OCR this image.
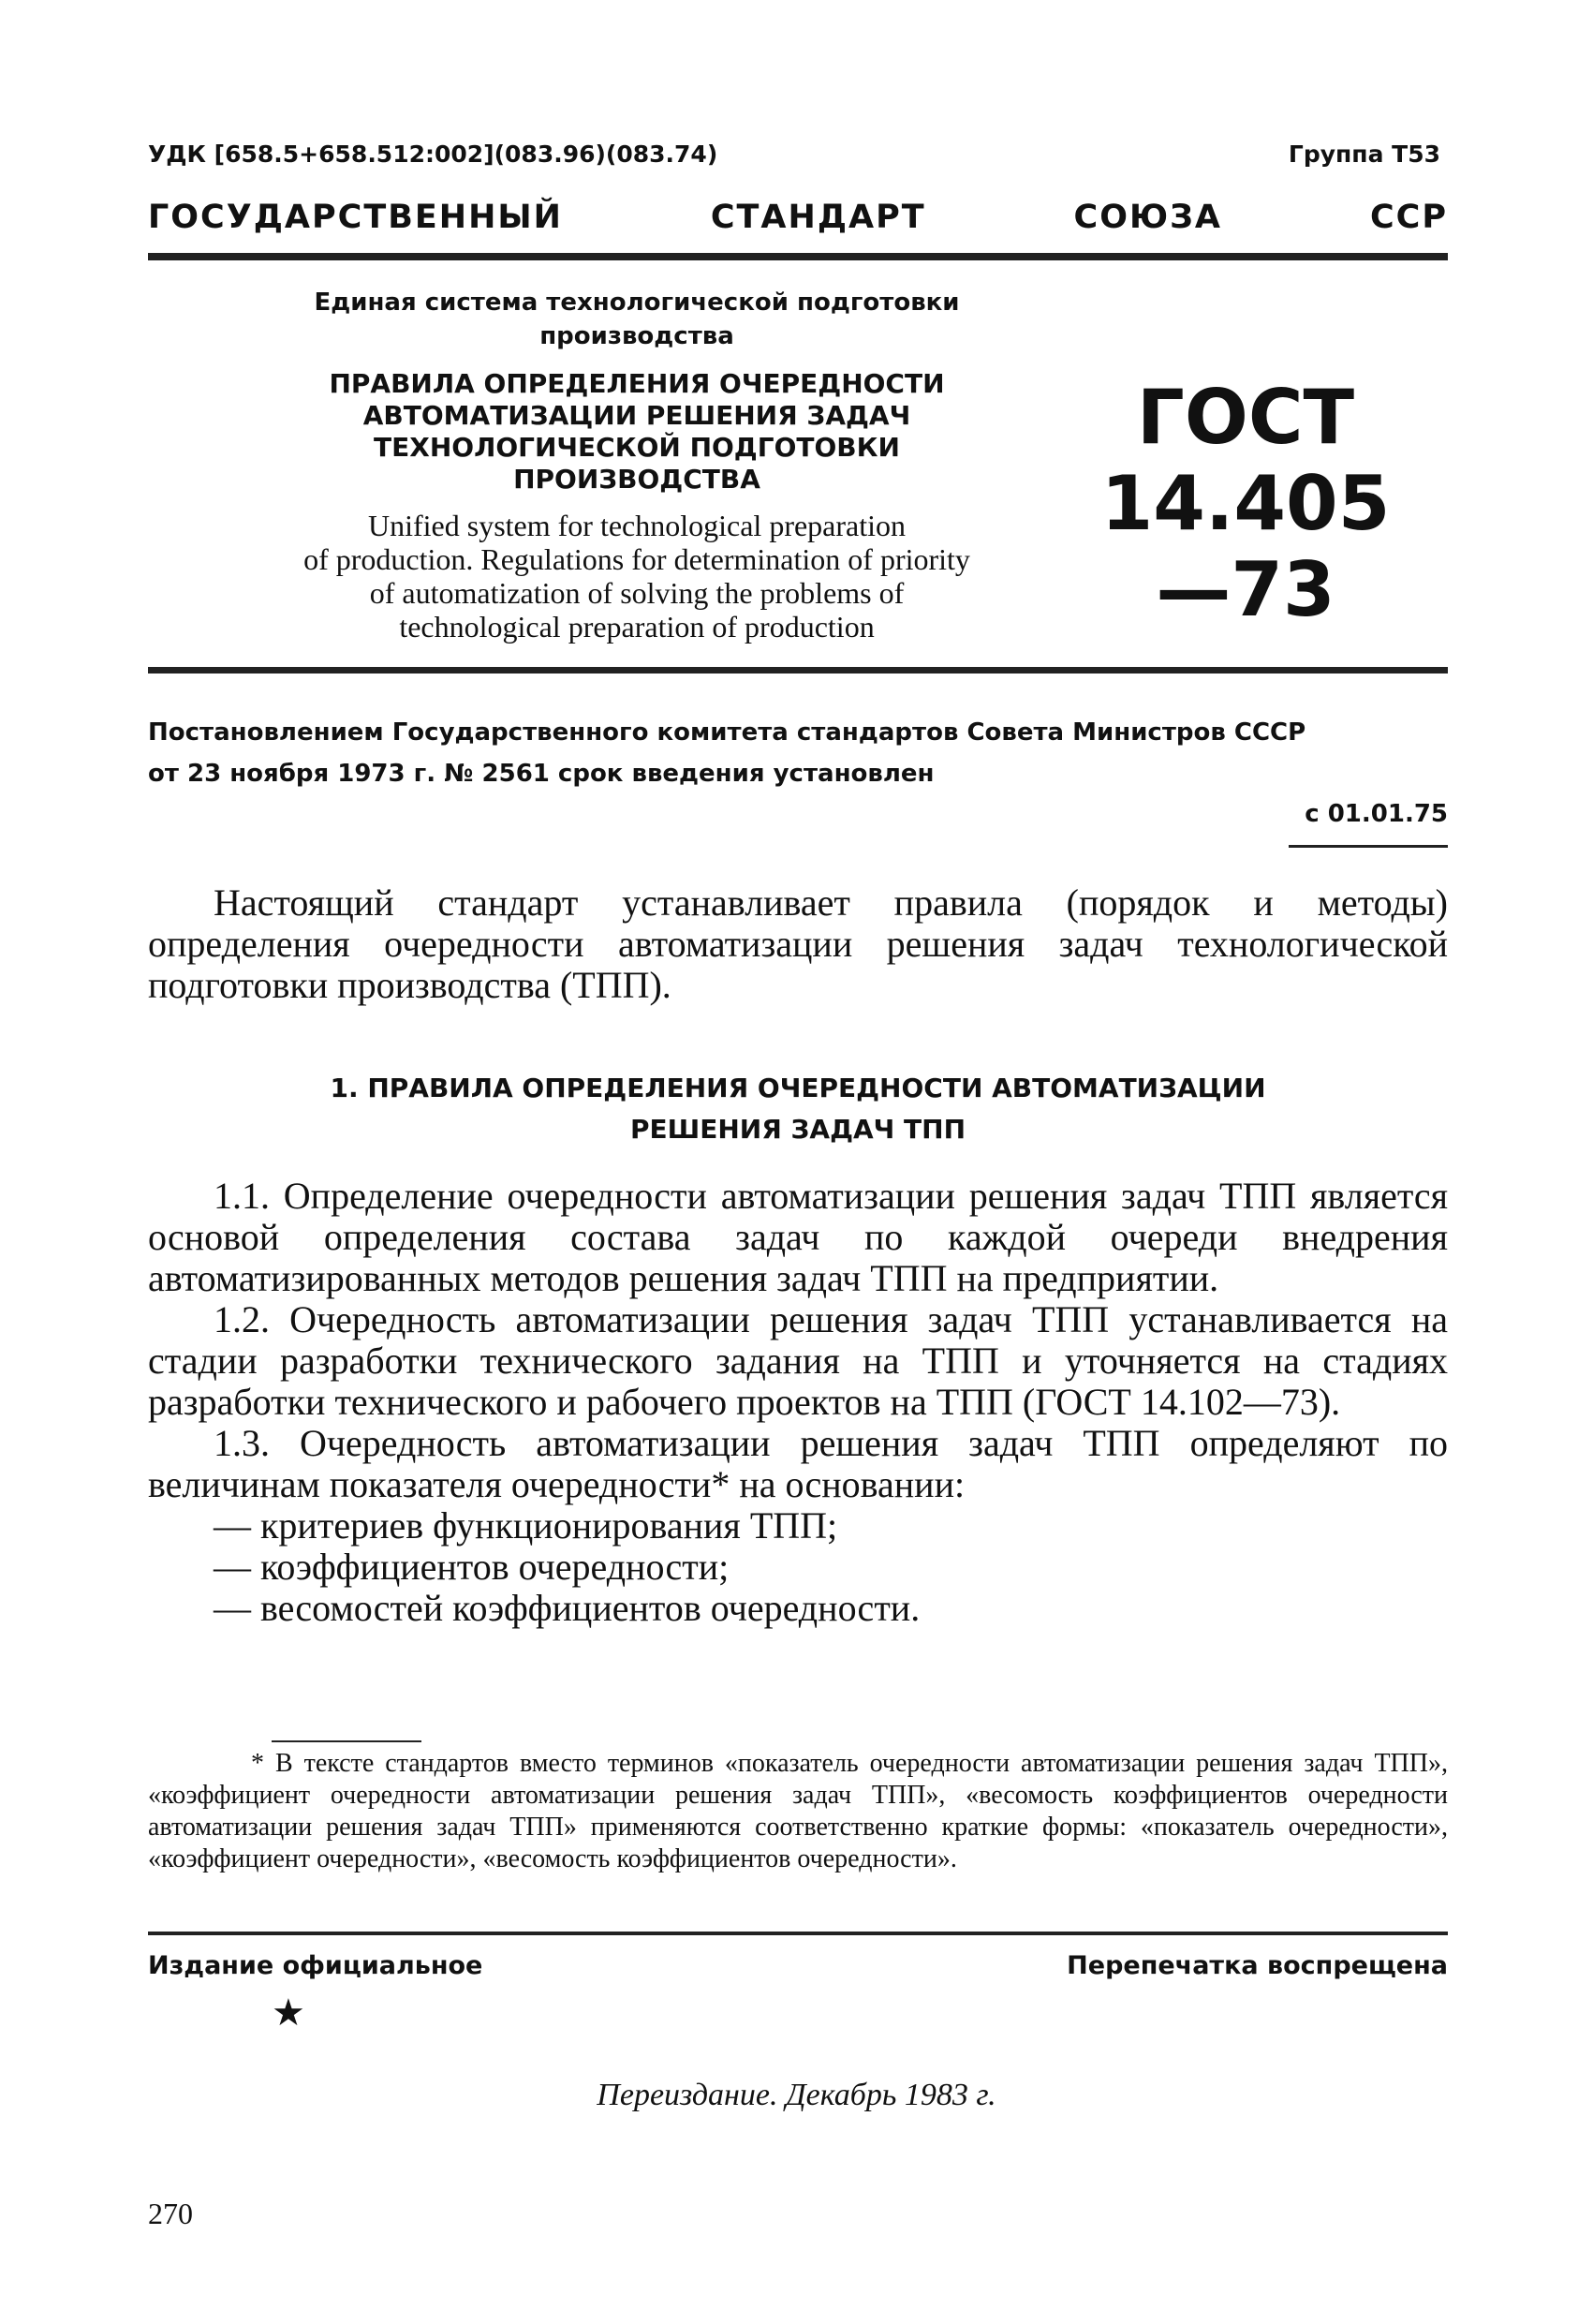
УДК [658.5+658.512:002](083.96)(083.74)	Группа Т53
ГОСУДАРСТВЕННЫЙ	СТАНДАРТ	СОЮЗА	ССР
Единая система технологической подготовки
производства
ПРАВИЛА ОПРЕДЕЛЕНИЯ ОЧЕРЕДНОСТИ
АВТОМАТИЗАЦИИ РЕШЕНИЯ ЗАДАЧ
ТЕХНОЛОГИЧЕСКОЙ ПОДГОТОВКИ
ПРОИЗВОДСТВА
Unified system for technological preparation
of production. Regulations for determination of priority
of automatization of solving the problems of
technological preparation of production
ГОСТ
14.405—73
Постановлением Государственного комитета стандартов Совета Министров СССР
от 23 ноября 1973 г. № 2561 срок введения установлен
с 01.01.75
Настоящий стандарт устанавливает правила (порядок и методы) определения очередности автоматизации решения задач технологической подготовки производства (ТПП).
1. ПРАВИЛА ОПРЕДЕЛЕНИЯ ОЧЕРЕДНОСТИ АВТОМАТИЗАЦИИ
РЕШЕНИЯ ЗАДАЧ ТПП

1.1. Определение очередности автоматизации решения задач ТПП является основой определения состава задач по каждой очереди внедрения автоматизированных методов решения задач ТПП на предприятии.

1.2. Очередность автоматизации решения задач ТПП устанавливается на стадии разработки технического задания на ТПП и уточняется на стадиях разработки технического и рабочего проектов на ТПП (ГОСТ 14.102—73).

1.3. Очередность автоматизации решения задач ТПП определяют по величинам показателя очередности* на основании:

— критериев функционирования ТПП;

— коэффициентов очередности;

— весомостей коэффициентов очередности.

* В тексте стандартов вместо терминов «показатель очередности автоматизации решения задач ТПП», «коэффициент очередности автоматизации решения задач ТПП», «весомость коэффициентов очередности автоматизации решения задач ТПП» применяются соответственно краткие формы: «показатель очередности», «коэффициент очередности», «весомость коэффициентов очередности».
Издание официальное	Перепечатка воспрещена
★
Переиздание. Декабрь 1983 г.
270
